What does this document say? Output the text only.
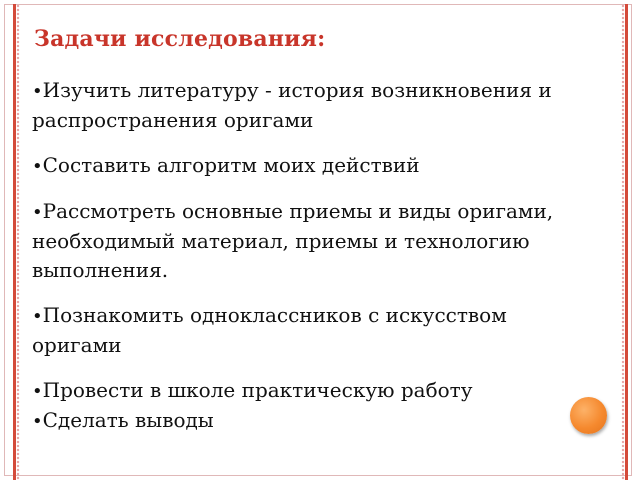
Задачи исследования:
•Изучить литературу - история возникновения и распространения оригами
•Составить алгоритм моих действий
•Рассмотреть основные приемы и виды оригами, необходимый материал, приемы и технологию выполнения.
•Познакомить одноклассников с искусством оригами
•Провести в школе практическую работу
•Сделать выводы
